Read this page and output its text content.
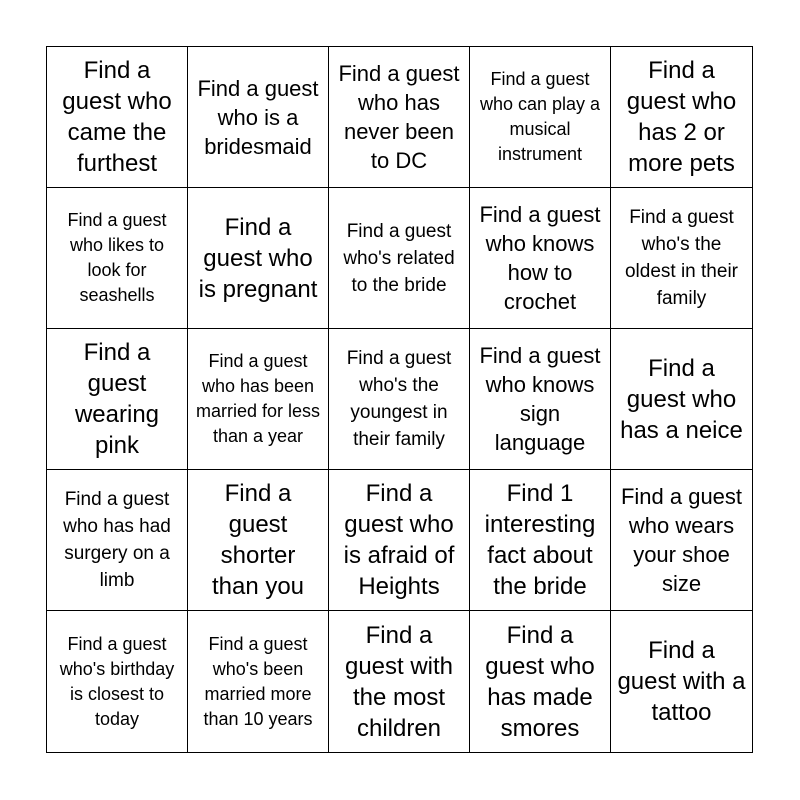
Find a guest who came the furthest
Find a guest who is a bridesmaid
Find a guest who has never been to DC
Find a guest who can play a musical instrument
Find a guest who has 2 or more pets
Find a guest who likes to look for seashells
Find a guest who is pregnant
Find a guest who's related to the bride
Find a guest who knows how to crochet
Find a guest who's the oldest in their family
Find a guest wearing pink
Find a guest who has been married for less than a year
Find a guest who's the youngest in their family
Find a guest who knows sign language
Find a guest who has a neice
Find a guest who has had surgery on a limb
Find a guest shorter than you
Find a guest who is afraid of Heights
Find 1 interesting fact about the bride
Find a guest who wears your shoe size
Find a guest who's birthday is closest to today
Find a guest who's been married more than 10 years
Find a guest with the most children
Find a guest who has made smores
Find a guest with a tattoo
